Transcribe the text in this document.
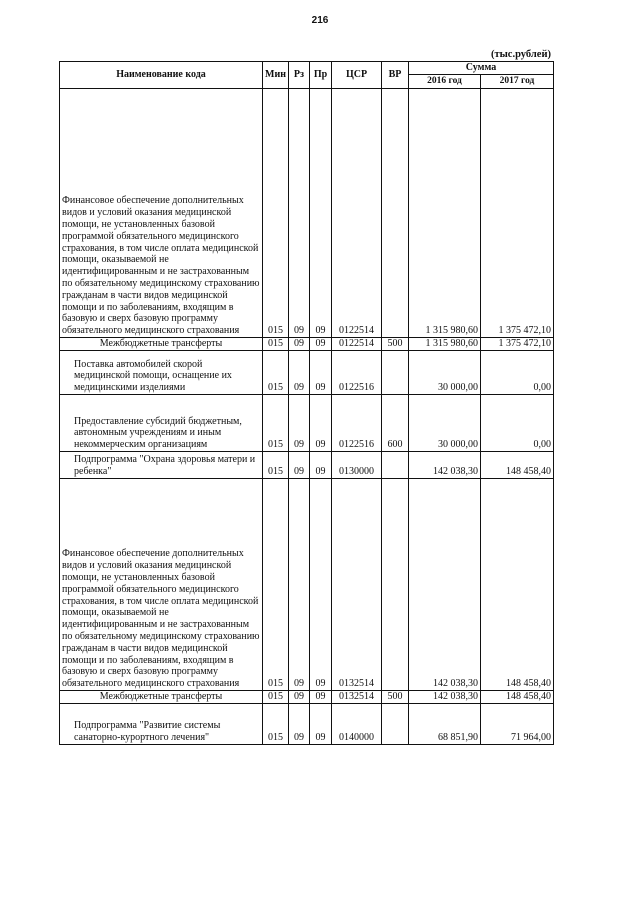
216
(тыс.рублей)
Наименование кода	Мин	Рз	Пр	ЦСР	ВР	Сумма	
						2016 год	2017 год
Финансовое обеспечение дополнительных видов и условий оказания медицинской помощи, не установленных базовой программой обязательного медицинского страхования, в том числе оплата медицинской помощи, оказываемой не идентифицированным и не застрахованным по обязательному медицинскому страхованию гражданам в части видов медицинской помощи и по заболеваниям, входящим в базовую и сверх базовую программу обязательного медицинского страхования	015	09	09	0122514		1 315 980,60	1 375 472,10
Межбюджетные трансферты	015	09	09	0122514	500	1 315 980,60	1 375 472,10
Поставка автомобилей скорой медицинской помощи, оснащение их медицинскими изделиями	015	09	09	0122516		30 000,00	0,00
Предоставление субсидий бюджетным, автономным учреждениям и иным некоммерческим организациям	015	09	09	0122516	600	30 000,00	0,00
Подпрограмма "Охрана здоровья матери и ребенка"	015	09	09	0130000		142 038,30	148 458,40
Финансовое обеспечение дополнительных видов и условий оказания медицинской помощи, не установленных базовой программой обязательного медицинского страхования, в том числе оплата медицинской помощи, оказываемой не идентифицированным и не застрахованным по обязательному медицинскому страхованию гражданам в части видов медицинской помощи и по заболеваниям, входящим в базовую и сверх базовую программу обязательного медицинского страхования	015	09	09	0132514		142 038,30	148 458,40
Межбюджетные трансферты	015	09	09	0132514	500	142 038,30	148 458,40
Подпрограмма "Развитие системы санаторно-курортного лечения"	015	09	09	0140000		68 851,90	71 964,00
